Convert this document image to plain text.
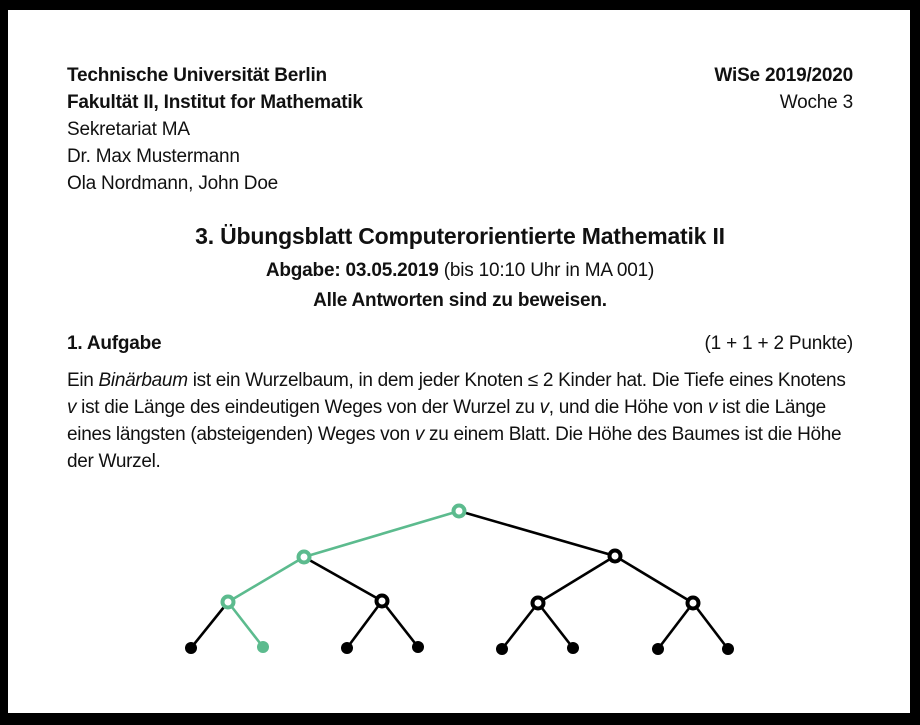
Technische Universität Berlin
Fakultät II, Institut for Mathematik
Sekretariat MA
Dr. Max Mustermann
Ola Nordmann, John Doe
WiSe 2019/2020
Woche 3
3. Übungsblatt Computerorientierte Mathematik II
Abgabe: 03.05.2019 (bis 10:10 Uhr in MA 001)
Alle Antworten sind zu beweisen.
1. Aufgabe	(1 + 1 + 2 Punkte)
Ein Binärbaum ist ein Wurzelbaum, in dem jeder Knoten ≤ 2 Kinder hat. Die Tiefe eines Knotens v ist die Länge des eindeutigen Weges von der Wurzel zu v, und die Höhe von v ist die Länge eines längsten (absteigenden) Weges von v zu einem Blatt. Die Höhe des Baumes ist die Höhe der Wurzel.
